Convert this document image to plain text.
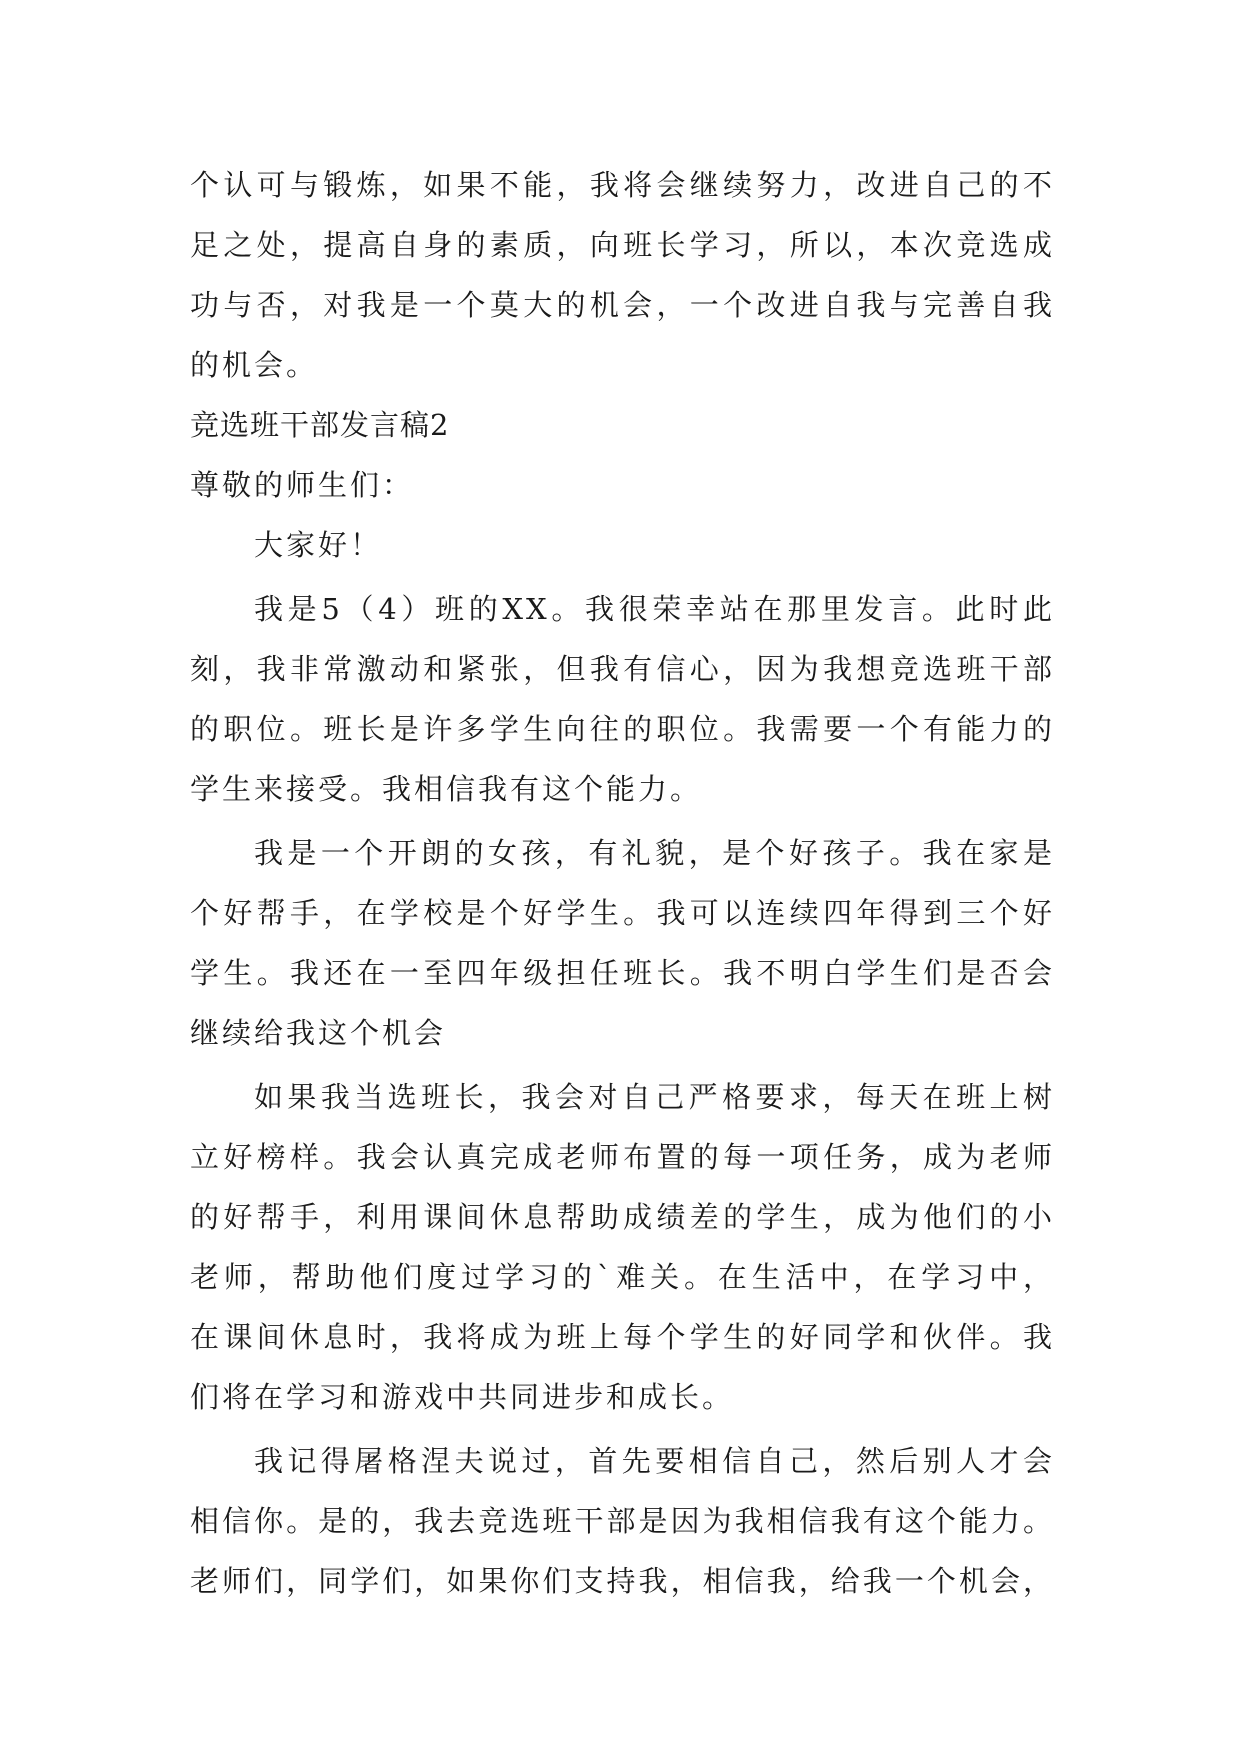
个认可与锻炼，如果不能，我将会继续努力，改进自己的不
足之处，提高自身的素质，向班长学习，所以，本次竞选成
功与否，对我是一个莫大的机会，一个改进自我与完善自我
的机会。
竞选班干部发言稿2
尊敬的师生们：
大家好！
我是5（4）班的XX。我很荣幸站在那里发言。此时此
刻，我非常激动和紧张，但我有信心，因为我想竞选班干部
的职位。班长是许多学生向往的职位。我需要一个有能力的
学生来接受。我相信我有这个能力。
我是一个开朗的女孩，有礼貌，是个好孩子。我在家是
个好帮手，在学校是个好学生。我可以连续四年得到三个好
学生。我还在一至四年级担任班长。我不明白学生们是否会
继续给我这个机会
如果我当选班长，我会对自己严格要求，每天在班上树
立好榜样。我会认真完成老师布置的每一项任务，成为老师
的好帮手，利用课间休息帮助成绩差的学生，成为他们的小
老师，帮助他们度过学习的`难关。在生活中，在学习中，
在课间休息时，我将成为班上每个学生的好同学和伙伴。我
们将在学习和游戏中共同进步和成长。
我记得屠格涅夫说过，首先要相信自己，然后别人才会
相信你。是的，我去竞选班干部是因为我相信我有这个能力。
老师们，同学们，如果你们支持我，相信我，给我一个机会，
